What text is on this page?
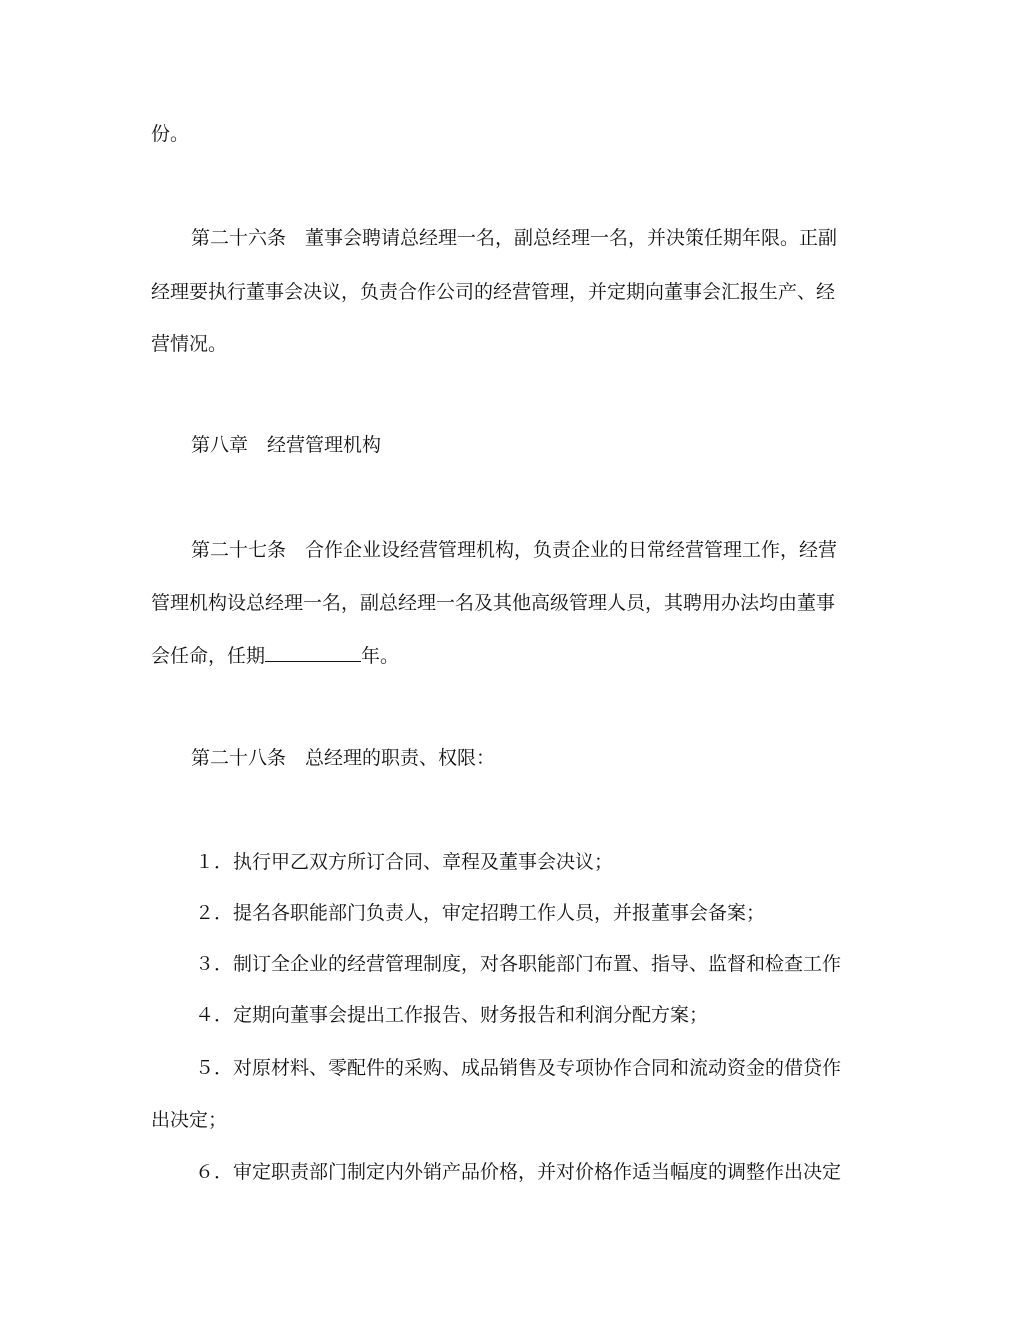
份。
第二十六条　董事会聘请总经理一名，副总经理一名，并决策任期年限。正副
经理要执行董事会决议，负责合作公司的经营管理，并定期向董事会汇报生产、经
营情况。
第八章　经营管理机构
第二十七条　合作企业设经营管理机构，负责企业的日常经营管理工作，经营
管理机构设总经理一名，副总经理一名及其他高级管理人员，其聘用办法均由董事
会任命，任期	年。
第二十八条　总经理的职责、权限：
１．执行甲乙双方所订合同、章程及董事会决议；
２．提名各职能部门负责人，审定招聘工作人员，并报董事会备案；
３．制订全企业的经营管理制度，对各职能部门布置、指导、监督和检查工作
４．定期向董事会提出工作报告、财务报告和利润分配方案；
５．对原材料、零配件的采购、成品销售及专项协作合同和流动资金的借贷作
出决定；
６．审定职责部门制定内外销产品价格，并对价格作适当幅度的调整作出决定
